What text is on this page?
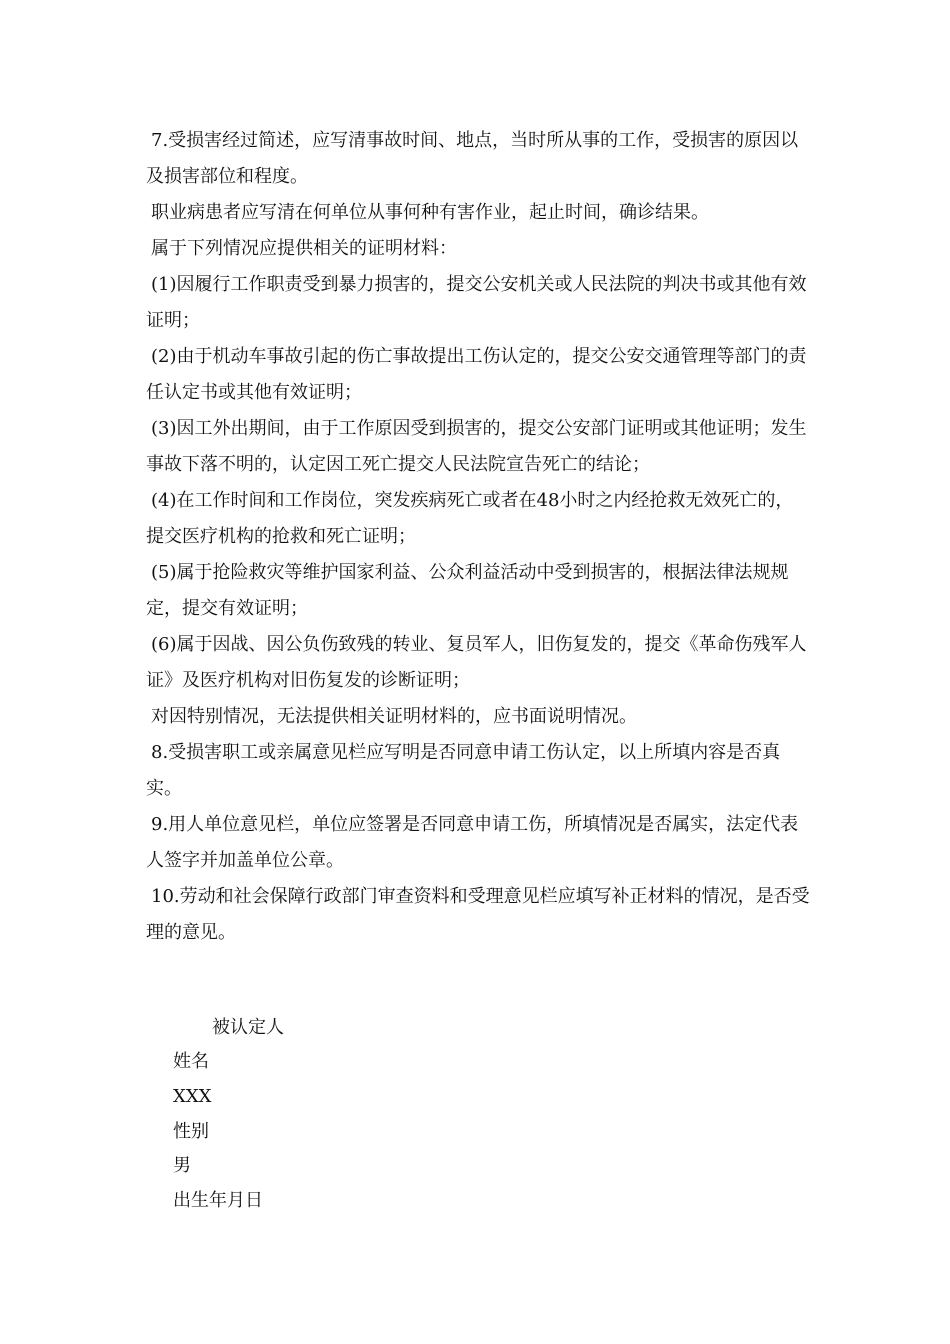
7.受损害经过简述，应写清事故时间、地点，当时所从事的工作，受损害的原因以及损害部位和程度。

职业病患者应写清在何单位从事何种有害作业，起止时间，确诊结果。

属于下列情况应提供相关的证明材料：

(1)因履行工作职责受到暴力损害的，提交公安机关或人民法院的判决书或其他有效证明；

(2)由于机动车事故引起的伤亡事故提出工伤认定的，提交公安交通管理等部门的责任认定书或其他有效证明；

(3)因工外出期间，由于工作原因受到损害的，提交公安部门证明或其他证明；发生事故下落不明的，认定因工死亡提交人民法院宣告死亡的结论；

(4)在工作时间和工作岗位，突发疾病死亡或者在48小时之内经抢救无效死亡的，提交医疗机构的抢救和死亡证明；

(5)属于抢险救灾等维护国家利益、公众利益活动中受到损害的，根据法律法规规定，提交有效证明；

(6)属于因战、因公负伤致残的转业、复员军人，旧伤复发的，提交《革命伤残军人证》及医疗机构对旧伤复发的诊断证明；

对因特别情况，无法提供相关证明材料的，应书面说明情况。

8.受损害职工或亲属意见栏应写明是否同意申请工伤认定，以上所填内容是否真实。

9.用人单位意见栏，单位应签署是否同意申请工伤，所填情况是否属实，法定代表人签字并加盖单位公章。

10.劳动和社会保障行政部门审查资料和受理意见栏应填写补正材料的情况，是否受理的意见。

被认定人
姓名
XXX
性别
男
出生年月日
